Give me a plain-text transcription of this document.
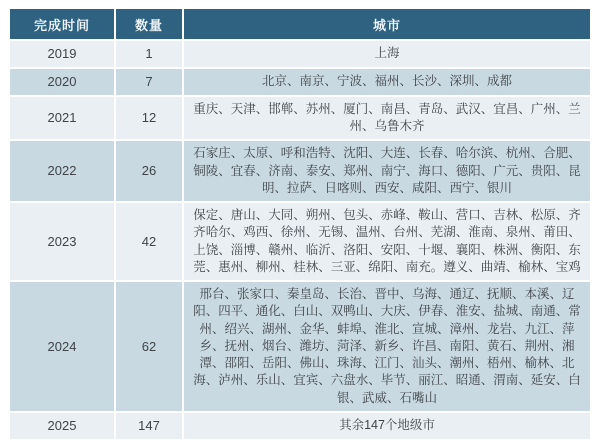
完成时间	数量	城市
2019	1	上海
2020	7	北京、南京、宁波、福州、长沙、深圳、成都
2021	12	重庆、天津、邯郸、苏州、厦门、南昌、青岛、武汉、宜昌、广州、兰州、乌鲁木齐
2022	26	石家庄、太原、呼和浩特、沈阳、大连、长春、哈尔滨、杭州、合肥、铜陵、宜春、济南、泰安、郑州、南宁、海口、德阳、广元、贵阳、昆明、拉萨、日喀则、西安、咸阳、西宁、银川
2023	42	保定、唐山、大同、朔州、包头、赤峰、鞍山、营口、吉林、松原、齐齐哈尔、鸡西、徐州、无锡、温州、台州、芜湖、淮南、泉州、莆田、上饶、淄博、赣州、临沂、洛阳、安阳、十堰、襄阳、株洲、衡阳、东莞、惠州、柳州、桂林、三亚、绵阳、南充。遵义、曲靖、榆林、宝鸡
2024	62	邢台、张家口、秦皇岛、长治、晋中、乌海、通辽、抚顺、本溪、辽阳、四平、通化、白山、双鸭山、大庆、伊春、淮安、盐城、南通、常州、绍兴、湖州、金华、蚌埠、淮北、宣城、漳州、龙岩、九江、萍乡、抚州、烟台、潍坊、菏泽、新乡、许昌、南阳、黄石、荆州、湘潭、邵阳、岳阳、佛山、珠海、江门、汕头、潮州、梧州、榆林、北海、泸州、乐山、宜宾、六盘水、毕节、丽江、昭通、渭南、延安、白银、武威、石嘴山
2025	147	其余147个地级市
